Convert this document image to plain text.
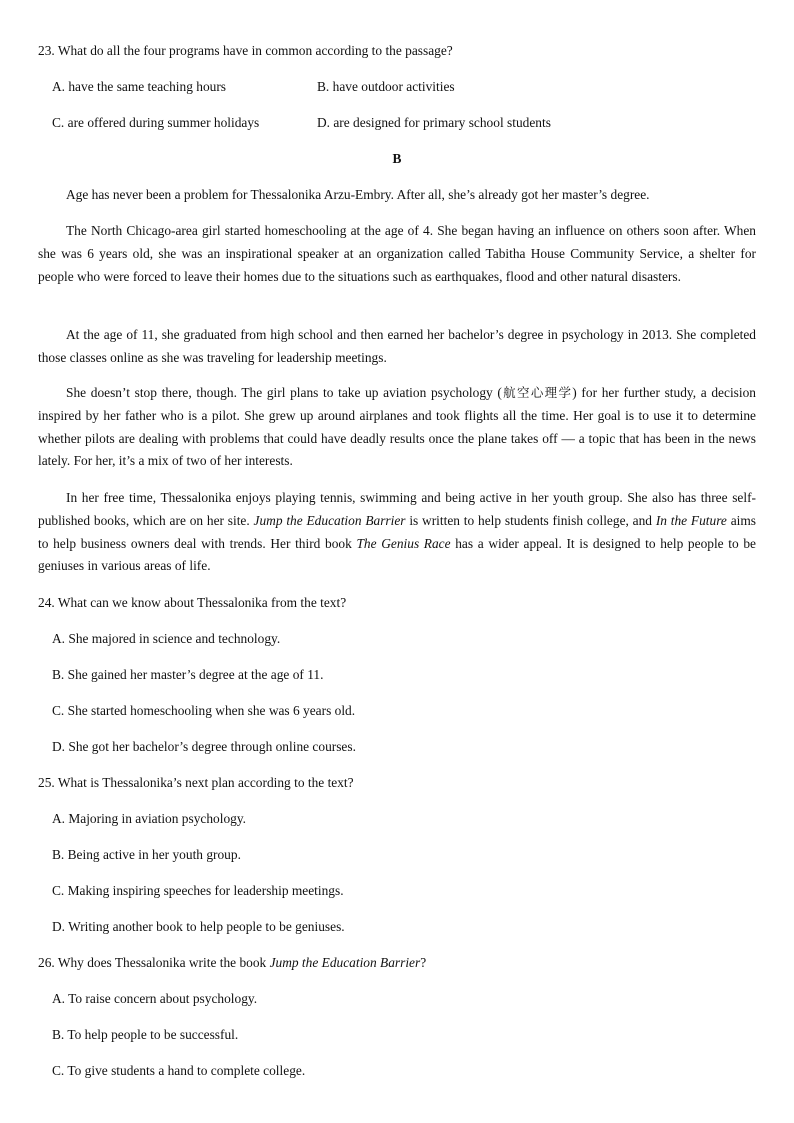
23. What do all the four programs have in common according to the passage?
A. have the same teaching hours	B. have outdoor activities
C. are offered during summer holidays	D. are designed for primary school students
B
Age has never been a problem for Thessalonika Arzu-Embry. After all, she’s already got her master’s degree.
The North Chicago-area girl started homeschooling at the age of 4. She began having an influence on others soon after. When she was 6 years old, she was an inspirational speaker at an organization called Tabitha House Community Service, a shelter for people who were forced to leave their homes due to the situations such as earthquakes, flood and other natural disasters.
At the age of 11, she graduated from high school and then earned her bachelor’s degree in psychology in 2013. She completed those classes online as she was traveling for leadership meetings.
She doesn’t stop there, though. The girl plans to take up aviation psychology (航空心理学) for her further study, a decision inspired by her father who is a pilot. She grew up around airplanes and took flights all the time. Her goal is to use it to determine whether pilots are dealing with problems that could have deadly results once the plane takes off — a topic that has been in the news lately. For her, it’s a mix of two of her interests.
In her free time, Thessalonika enjoys playing tennis, swimming and being active in her youth group. She also has three self-published books, which are on her site. Jump the Education Barrier is written to help students finish college, and In the Future aims to help business owners deal with trends. Her third book The Genius Race has a wider appeal. It is designed to help people to be geniuses in various areas of life.
24. What can we know about Thessalonika from the text?
A. She majored in science and technology.
B. She gained her master’s degree at the age of 11.
C. She started homeschooling when she was 6 years old.
D. She got her bachelor’s degree through online courses.
25. What is Thessalonika’s next plan according to the text?
A. Majoring in aviation psychology.
B. Being active in her youth group.
C. Making inspiring speeches for leadership meetings.
D. Writing another book to help people to be geniuses.
26. Why does Thessalonika write the book Jump the Education Barrier?
A. To raise concern about psychology.
B. To help people to be successful.
C. To give students a hand to complete college.
